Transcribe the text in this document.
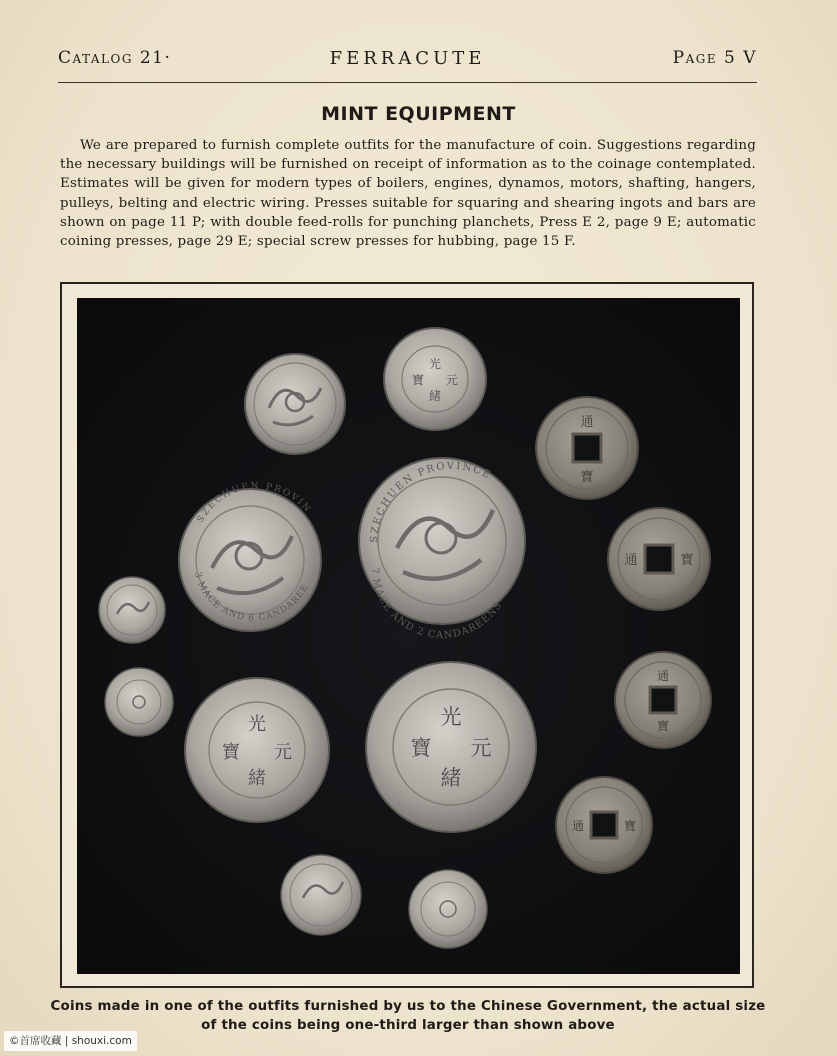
Catalog 21·	FERRACUTE	Page 5 V
MINT EQUIPMENT
We are prepared to furnish complete outfits for the manufacture of coin. Suggestions regarding the necessary buildings will be furnished on receipt of information as to the coinage contemplated. Estimates will be given for modern types of boilers, engines, dynamos, motors, shafting, hangers, pulleys, belting and electric wiring. Presses suitable for squaring and shearing ingots and bars are shown on page 11 P; with double feed-rolls for punching planchets, Press E 2, page 9 E; automatic coining presses, page 29 E; special screw presses for hubbing, page 15 F.
SZECHUEN PROVIN
3 MACE AND 6 CANDAREE
SZECHUEN PROVINCE
7 MACE AND 2 CANDAREENS
光
緒
元
寶
光
緒
元
寶
光
緒
元
寶
通
寶
通	寶
通
寶
通	寶
Coins made in one of the outfits furnished by us to the Chinese Government, the actual size of the coins being one-third larger than shown above
©首席收藏 | shouxi.com
